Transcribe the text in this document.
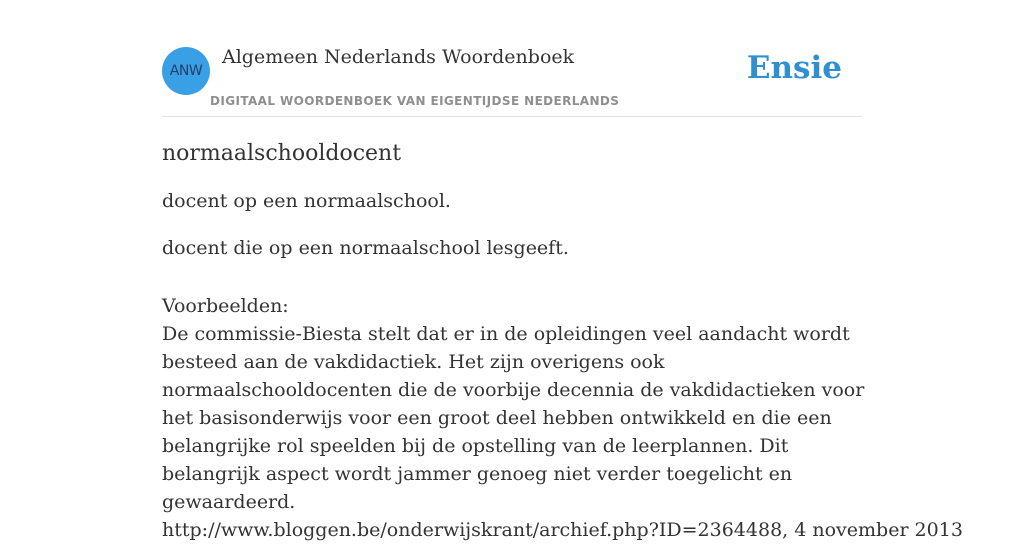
ANW
Algemeen Nederlands Woordenboek
DIGITAAL WOORDENBOEK VAN EIGENTIJDSE NEDERLANDS
Ensie
normaalschooldocent

docent op een normaalschool.

docent die op een normaalschool lesgeeft.

Voorbeelden:

De commissie-Biesta stelt dat er in de opleidingen veel aandacht wordt besteed aan de vakdidactiek. Het zijn overigens ook normaalschooldocenten die de voorbije decennia de vakdidactieken voor het basisonderwijs voor een groot deel hebben ontwikkeld en die een belangrijke rol speelden bij de opstelling van de leerplannen. Dit belangrijk aspect wordt jammer genoeg niet verder toegelicht en gewaardeerd.

http://www.bloggen.be/onderwijskrant/archief.php?ID=2364488, 4 november 2013
